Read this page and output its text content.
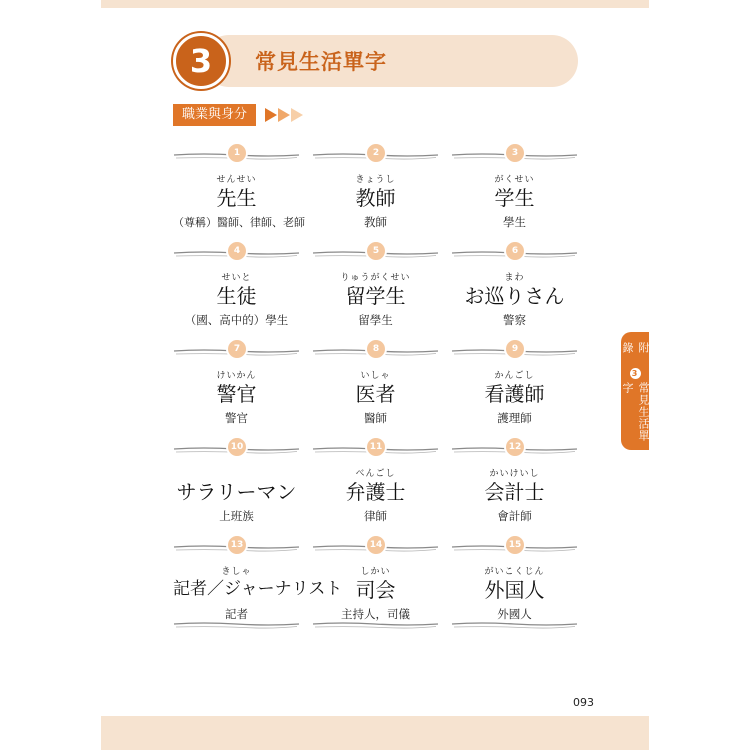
3	常見生活單字
職業與身分
1
せんせい
先生
（尊稱）醫師、律師、老師
2
きょうし
教師
教師
3
がくせい
学生
學生
4
せいと
生徒
（國、高中的）學生
5
りゅうがくせい
留学生
留學生
6
まわ
お巡りさん
警察
7
けいかん
警官
警官
8
いしゃ
医者
醫師
9
かんごし
看護師
護理師
10
サラリーマン
上班族
11
べんごし
弁護士
律師
12
かいけいし
会計士
會計師
13
きしゃ
記者／ジャーナリスト
記者
14
しかい
司会
主持人，司儀
15
がいこくじん
外国人
外國人
附錄
3
常見生活單字
093
